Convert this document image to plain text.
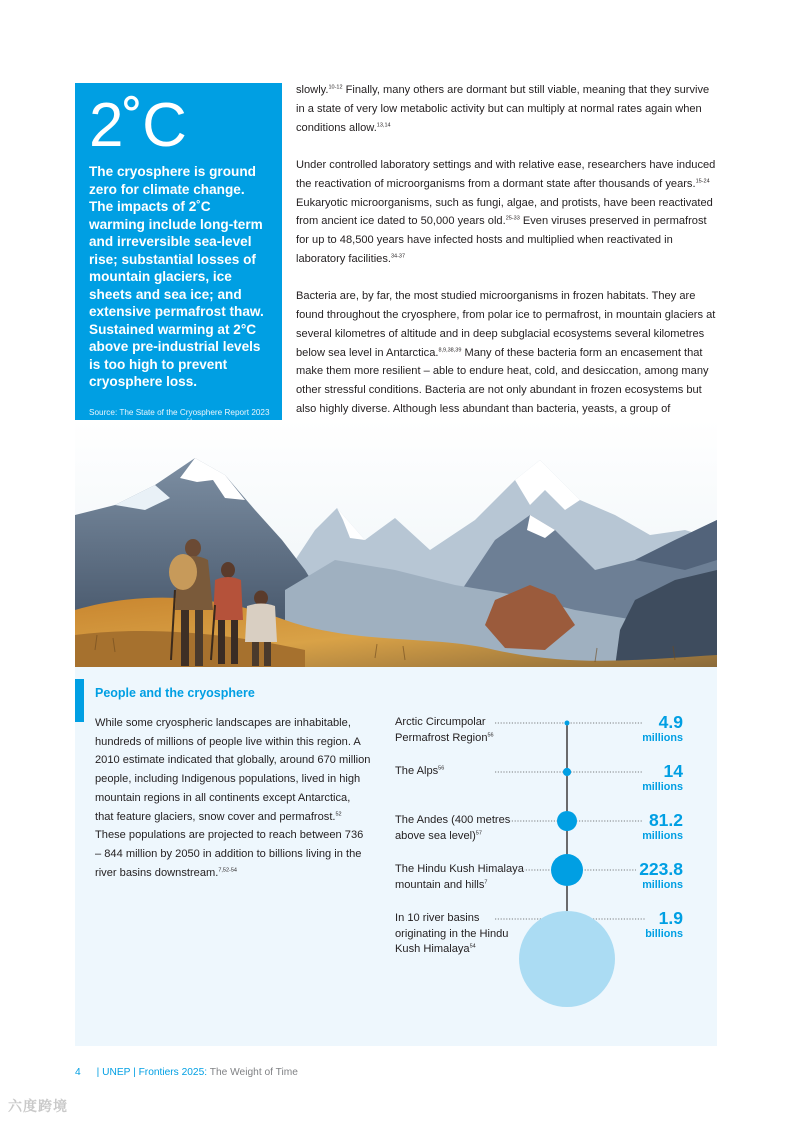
2˚C

The cryosphere is ground zero for climate change. The impacts of 2˚C warming include long-term and irreversible sea-level rise; substantial losses of mountain glaciers, ice sheets and sea ice; and extensive permafrost thaw. Sustained warming at 2°C above pre-industrial levels is too high to prevent cryosphere loss.

Source: The State of the Cryosphere Report 2023

slowly.$^{10-12}$ Finally, many others are dormant but still viable, meaning that they survive in a state of very low metabolic activity but can multiply at normal rates again when conditions allow.$^{13,14}$

Under controlled laboratory settings and with relative ease, researchers have induced the reactivation of microorganisms from a dormant state after thousands of years.$^{15-24}$ Eukaryotic microorganisms, such as fungi, algae, and protists, have been reactivated from ancient ice dated to 50,000 years old.$^{25-33}$ Even viruses preserved in permafrost for up to 48,500 years have infected hosts and multiplied when reactivated in laboratory facilities.$^{34-37}$

Bacteria are, by far, the most studied microorganisms in frozen habitats. They are found throughout the cryosphere, from polar ice to permafrost, in mountain glaciers at several kilometres of altitude and in deep subglacial ecosystems several kilometres below sea level in Antarctica.$^{8,9,38,39}$ Many of these bacteria form an encasement that make them more resilient – able to endure heat, cold, and desiccation, among many other stressful conditions. Bacteria are not only abundant in frozen ecosystems but also highly diverse. Although less abundant than bacteria, yeasts, a group of

People and the cryosphere

While some cryospheric landscapes are inhabitable, hundreds of millions of people live within this region. A 2010 estimate indicated that globally, around 670 million people, including Indigenous populations, lived in high mountain regions in all continents except Antarctica, that feature glaciers, snow cover and permafrost.$^{52}$ These populations are projected to reach between 736 – 844 million by 2050 in addition to billions living in the river basins downstream.$^{7,52-54}$

Arctic Circumpolar Permafrost Region$^{56}$
4.9
millions
The Alps$^{56}$	14
millions
The Andes (400 metres above sea level)$^{57}$
81.2
millions
The Hindu Kush Himalaya mountain and hills$^7$
223.8
millions
In 10 river basins originating in the Hindu Kush Himalaya$^{54}$
1.9
billions
4 | UNEP | Frontiers 2025: The Weight of Time
六度跨境
